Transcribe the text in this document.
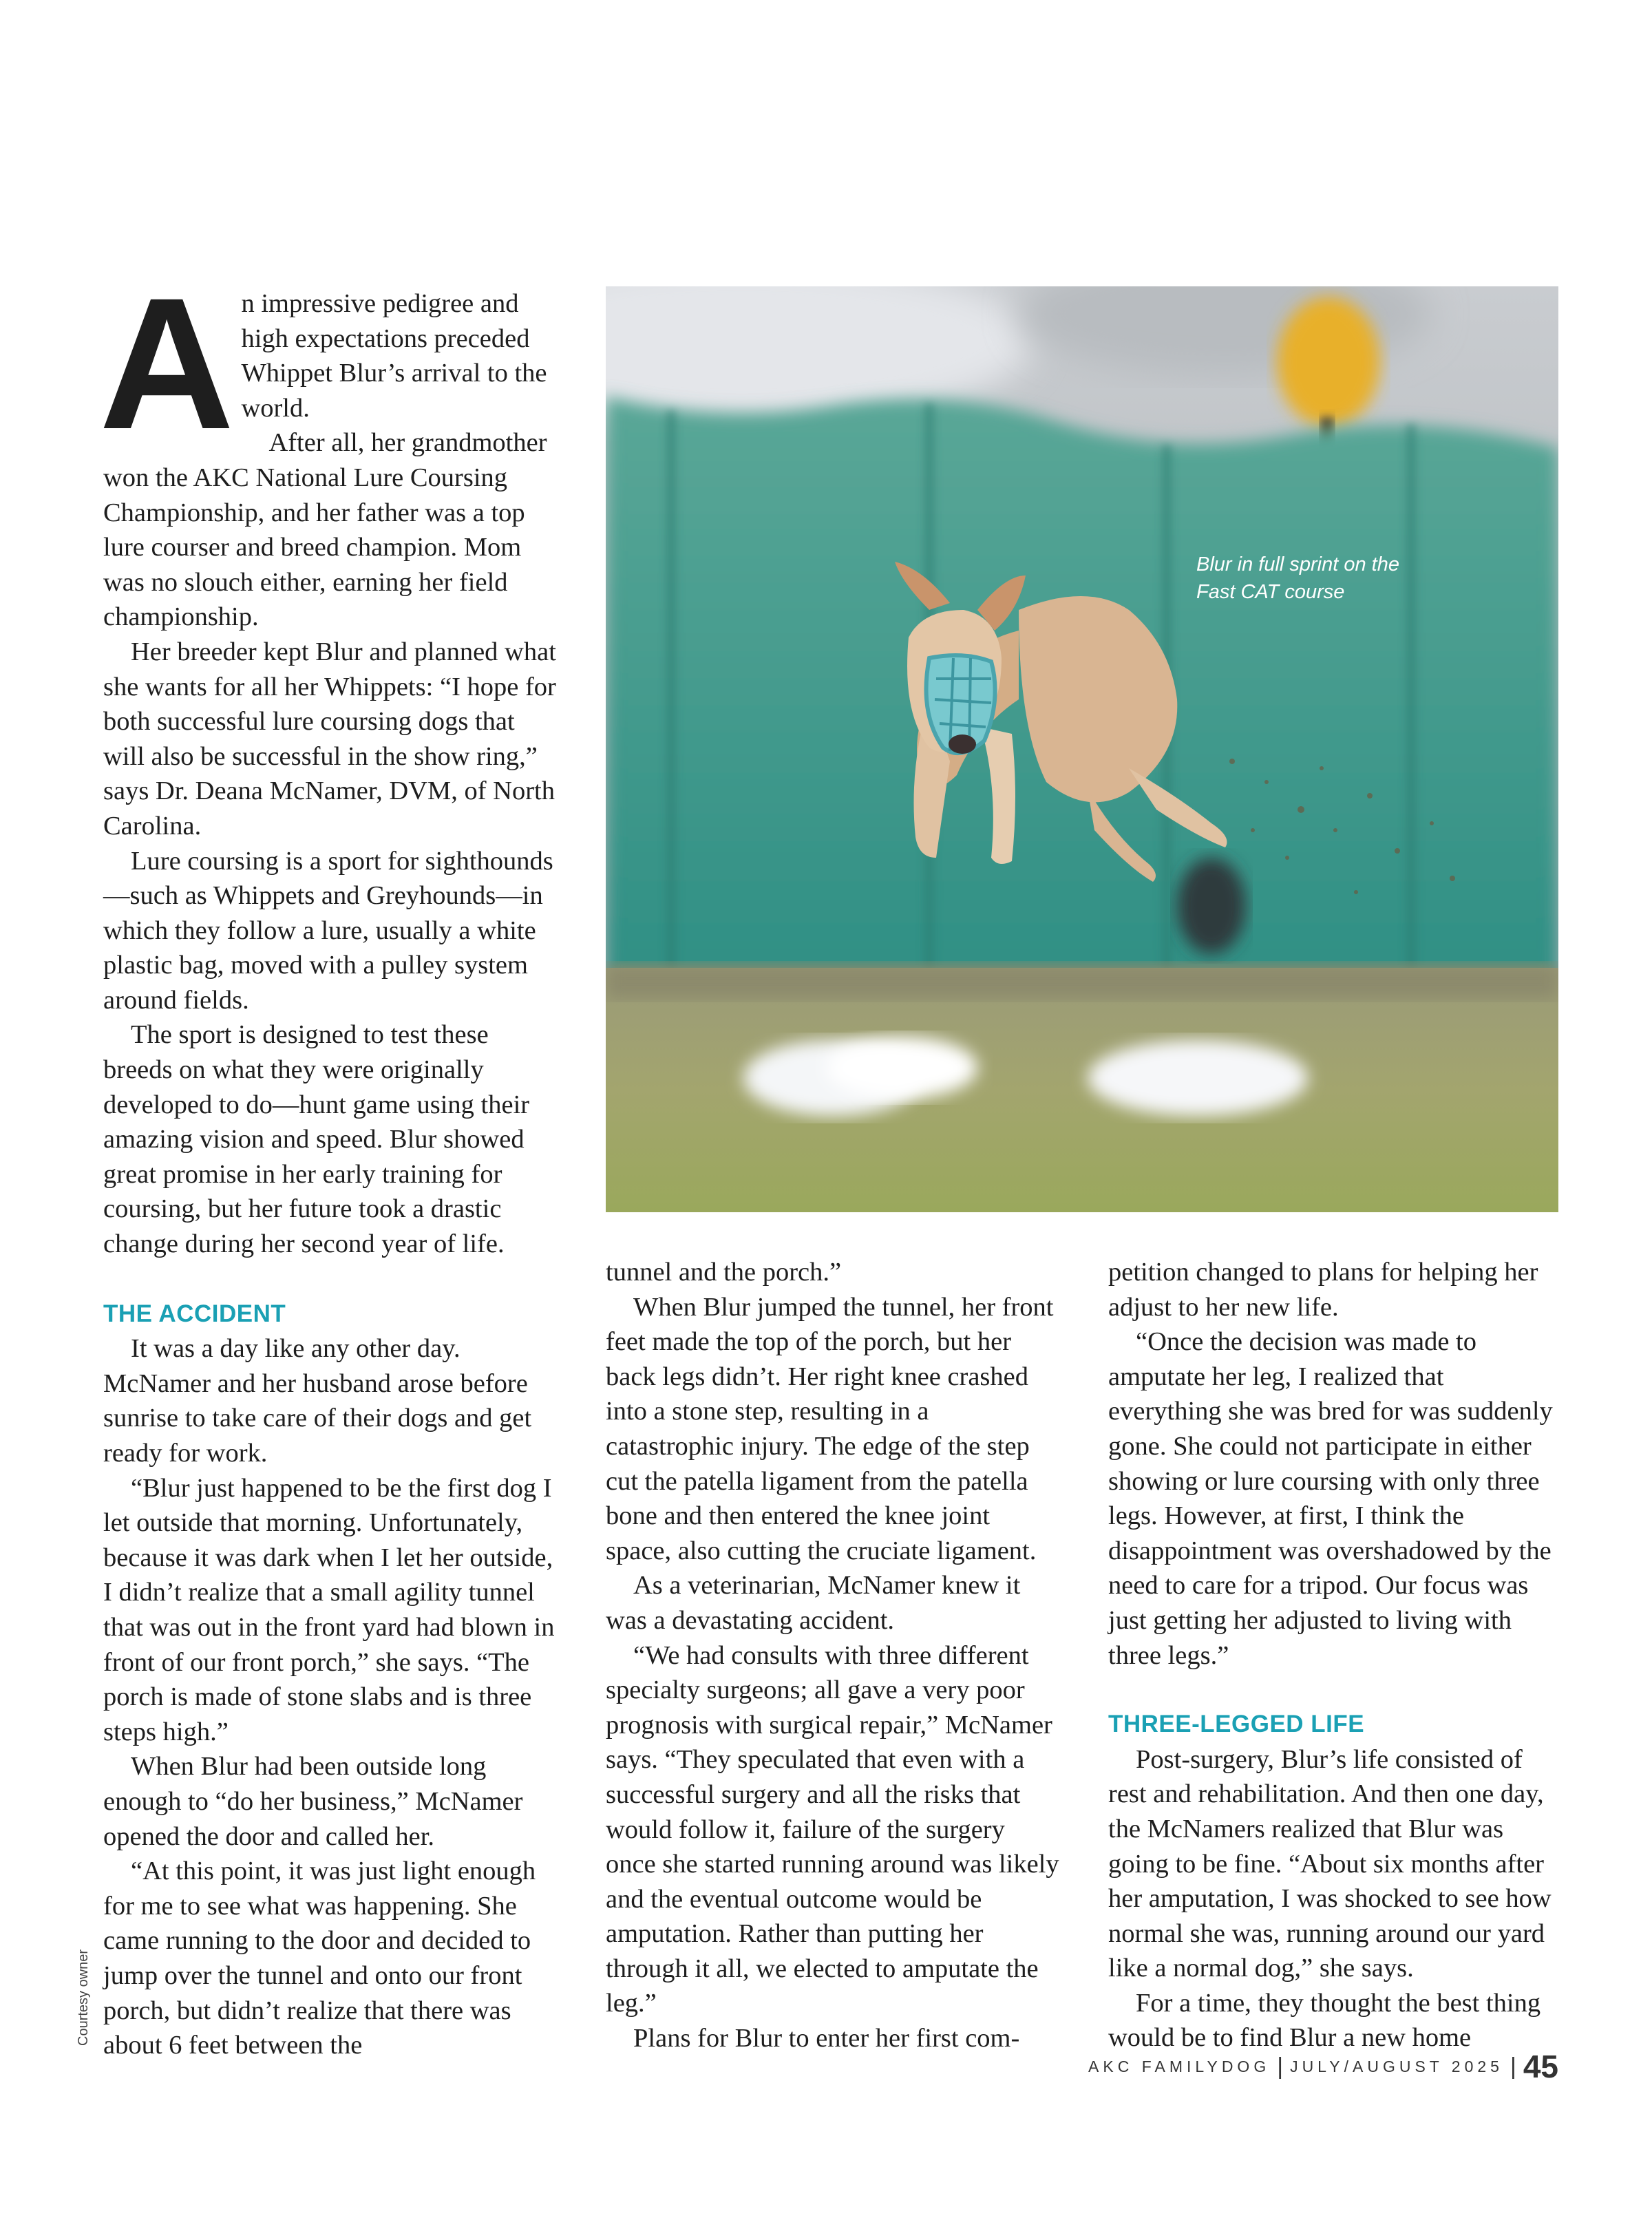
A n impressive pedigree and high expectations preceded Whippet Blur’s arrival to the world.

After all, her grandmother won the AKC National Lure Coursing Championship, and her father was a top lure courser and breed champion. Mom was no slouch either, earning her field championship.

Her breeder kept Blur and planned what she wants for all her Whippets: “I hope for both successful lure coursing dogs that will also be successful in the show ring,” says Dr. Deana McNamer, DVM, of North Carolina.

Lure coursing is a sport for sighthounds—such as Whippets and Greyhounds—in which they follow a lure, usually a white plastic bag, moved with a pulley system around fields.

The sport is designed to test these breeds on what they were originally developed to do—hunt game using their amazing vision and speed. Blur showed great promise in her early training for coursing, but her future took a drastic change during her second year of life.

THE ACCIDENT

It was a day like any other day. McNamer and her husband arose before sunrise to take care of their dogs and get ready for work.

“Blur just happened to be the first dog I let outside that morning. Unfortunately, because it was dark when I let her outside, I didn’t realize that a small agility tunnel that was out in the front yard had blown in front of our front porch,” she says. “The porch is made of stone slabs and is three steps high.”

When Blur had been outside long enough to “do her business,” McNamer opened the door and called her.

“At this point, it was just light enough for me to see what was happening. She came running to the door and decided to jump over the tunnel and onto our front porch, but didn’t realize that there was about 6 feet between the

Blur in full sprint on the
Fast CAT course

tunnel and the porch.”

When Blur jumped the tunnel, her front feet made the top of the porch, but her back legs didn’t. Her right knee crashed into a stone step, resulting in a catastrophic injury. The edge of the step cut the patella ligament from the patella bone and then entered the knee joint space, also cutting the cruciate ligament.

As a veterinarian, McNamer knew it was a devastating accident.

“We had consults with three different specialty surgeons; all gave a very poor prognosis with surgical repair,” McNamer says. “They speculated that even with a successful surgery and all the risks that would follow it, failure of the surgery once she started running around was likely and the eventual outcome would be amputation. Rather than putting her through it all, we elected to amputate the leg.”

Plans for Blur to enter her first com-

petition changed to plans for helping her adjust to her new life.

“Once the decision was made to amputate her leg, I realized that everything she was bred for was suddenly gone. She could not participate in either showing or lure coursing with only three legs. However, at first, I think the disappointment was overshadowed by the need to care for a tripod. Our focus was just getting her adjusted to living with three legs.”

THREE-LEGGED LIFE

Post-surgery, Blur’s life consisted of rest and rehabilitation. And then one day, the McNamers realized that Blur was going to be fine. “About six months after her amputation, I was shocked to see how normal she was, running around our yard like a normal dog,” she says.

For a time, they thought the best thing would be to find Blur a new home

Courtesy owner
AKC FAMILYDOG | JULY/AUGUST 2025 | 45
